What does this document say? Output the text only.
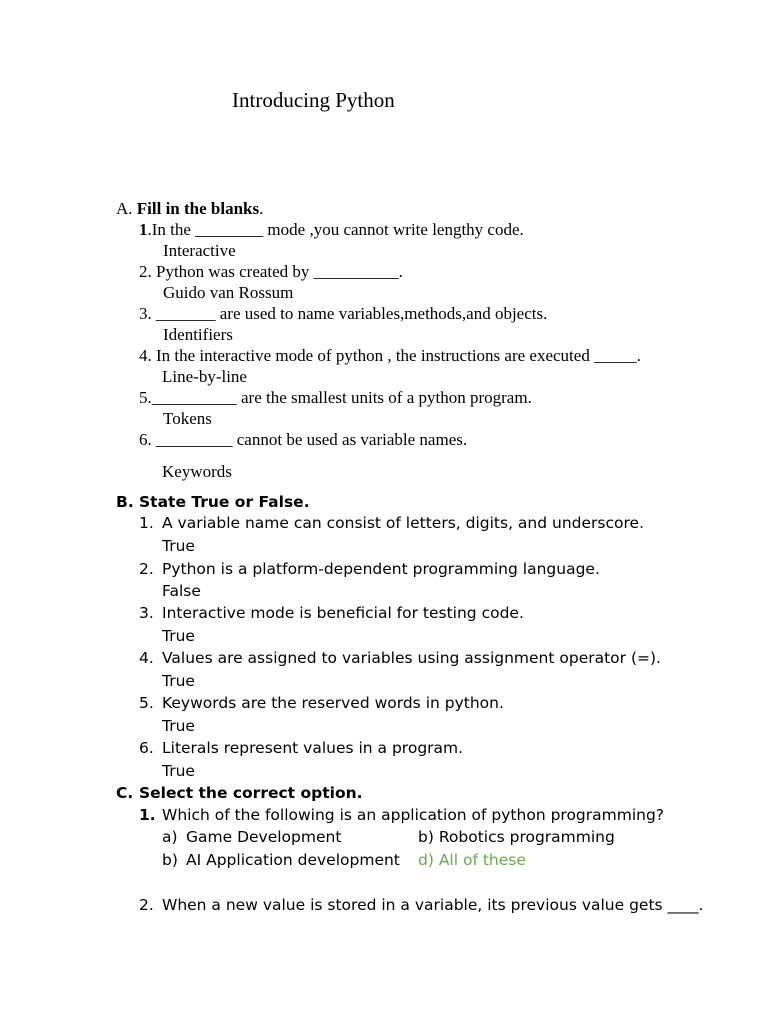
Introducing Python
A. Fill in the blanks.
1.In the ________ mode ,you cannot write lengthy code.
Interactive
2. Python was created by __________.
Guido van Rossum
3. _______ are used to name variables,methods,and objects.
Identifiers
4. In the interactive mode of python , the instructions are executed _____.
Line-by-line
5.__________ are the smallest units of a python program.
Tokens
6. _________ cannot be used as variable names.
Keywords
B. State True or False.
1. A variable name can consist of letters, digits, and underscore.
True
2. Python is a platform-dependent programming language.
False
3. Interactive mode is beneficial for testing code.
True
4. Values are assigned to variables using assignment operator (=).
True
5. Keywords are the reserved words in python.
True
6. Literals represent values in a program.
True
C. Select the correct option.
1. Which of the following is an application of python programming?
a) Game Development	b) Robotics programming
b) AI Application development d) All of these
2. When a new value is stored in a variable, its previous value gets ____.
